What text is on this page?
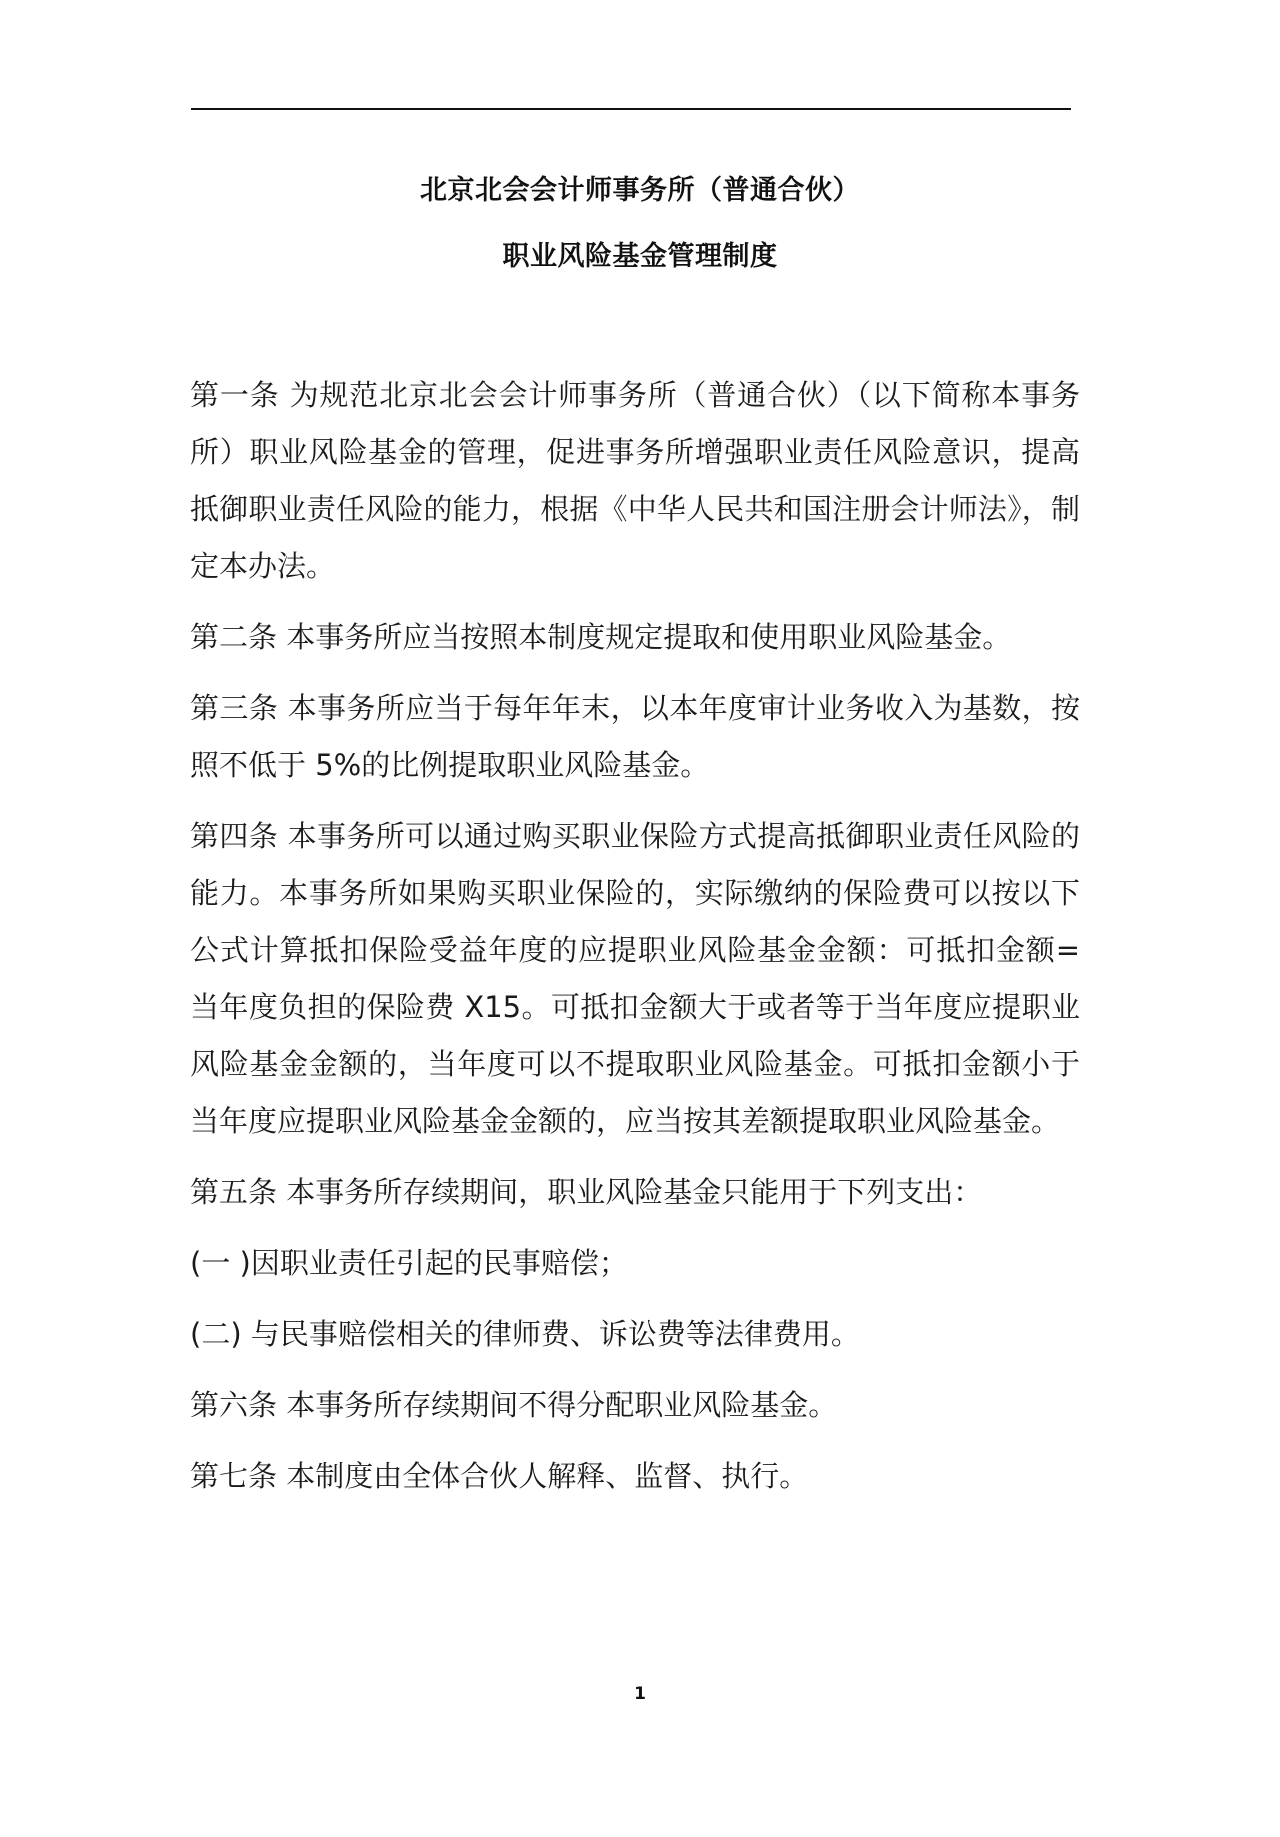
北京北会会计师事务所（普通合伙）
职业风险基金管理制度

第一条 为规范北京北会会计师事务所（普通合伙）（以下简称本事务所）职业风险基金的管理，促进事务所增强职业责任风险意识，提高抵御职业责任风险的能力，根据《中华人民共和国注册会计师法》，制定本办法。

第二条 本事务所应当按照本制度规定提取和使用职业风险基金。

第三条 本事务所应当于每年年末，以本年度审计业务收入为基数，按照不低于 5%的比例提取职业风险基金。

第四条 本事务所可以通过购买职业保险方式提高抵御职业责任风险的能力。本事务所如果购买职业保险的，实际缴纳的保险费可以按以下公式计算抵扣保险受益年度的应提职业风险基金金额：可抵扣金额=当年度负担的保险费 X15。可抵扣金额大于或者等于当年度应提职业风险基金金额的，当年度可以不提取职业风险基金。可抵扣金额小于当年度应提职业风险基金金额的，应当按其差额提取职业风险基金。

第五条 本事务所存续期间，职业风险基金只能用于下列支出：

(一 )因职业责任引起的民事赔偿；

(二) 与民事赔偿相关的律师费、诉讼费等法律费用。

第六条 本事务所存续期间不得分配职业风险基金。

第七条 本制度由全体合伙人解释、监督、执行。

1
